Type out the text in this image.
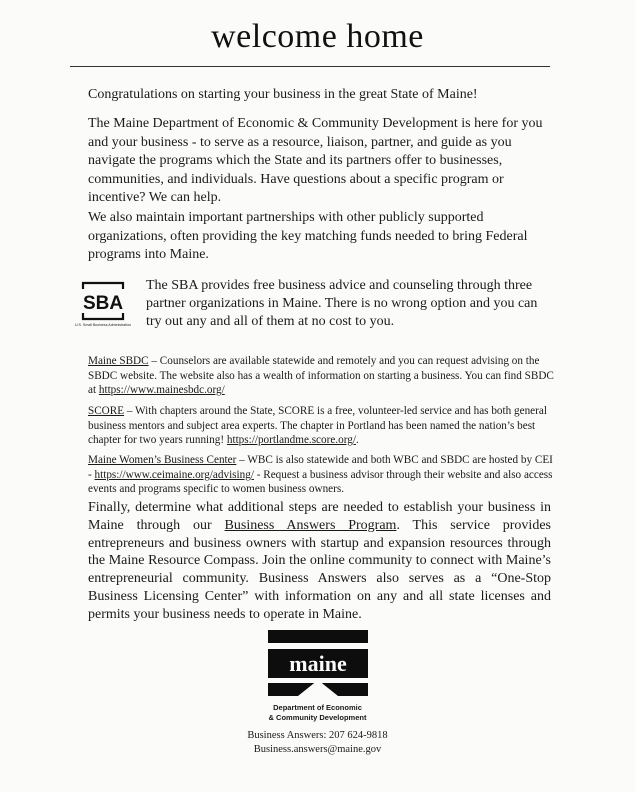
welcome home

Congratulations on starting your business in the great State of Maine!

The Maine Department of Economic & Community Development is here for you and your business - to serve as a resource, liaison, partner, and guide as you navigate the programs which the State and its partners offer to businesses, communities, and individuals. Have questions about a specific program or incentive? We can help.

We also maintain important partnerships with other publicly supported organizations, often providing the key matching funds needed to bring Federal programs into Maine.

SBA
U.S. Small Business Administration
The SBA provides free business advice and counseling through three partner organizations in Maine. There is no wrong option and you can try out any and all of them at no cost to you.

Maine SBDC – Counselors are available statewide and remotely and you can request advising on the SBDC website. The website also has a wealth of information on starting a business. You can find SBDC at https://www.mainesbdc.org/

SCORE – With chapters around the State, SCORE is a free, volunteer-led service and has both general business mentors and subject area experts. The chapter in Portland has been named the nation’s best chapter for two years running! https://portlandme.score.org/.

Maine Women’s Business Center – WBC is also statewide and both WBC and SBDC are hosted by CEI - https://www.ceimaine.org/advising/ - Request a business advisor through their website and also access events and programs specific to women business owners.

Finally, determine what additional steps are needed to establish your business in Maine through our Business Answers Program. This service provides entrepreneurs and business owners with startup and expansion resources through the Maine Resource Compass. Join the online community to connect with Maine’s entrepreneurial community. Business Answers also serves as a “One-Stop Business Licensing Center” with information on any and all state licenses and permits your business needs to operate in Maine.

maine
Department of Economic
& Community Development
Business Answers: 207 624-9818
Business.answers@maine.gov
